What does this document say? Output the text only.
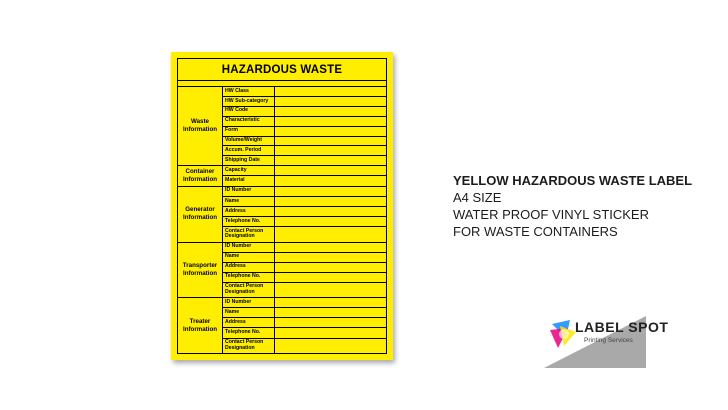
HAZARDOUS WASTE
Waste
Information
HW Class
HW Sub-category
HW Code
Characteristic
Form
Volume/Weight
Accum. Period
Shipping Date
Container
Information
Capacity
Material
Generator
Information
ID Number
Name
Address
Telephone No.
Contact Person
Designation
Transporter
Information
ID Number
Name
Address
Telephone No.
Contact Person
Designation
Treater
Information
ID Number
Name
Address
Telephone No.
Contact Person
Designation
YELLOW HAZARDOUS WASTE LABEL
A4 SIZE
WATER PROOF VINYL STICKER
FOR WASTE CONTAINERS
LABEL SPOT
Printing Services
